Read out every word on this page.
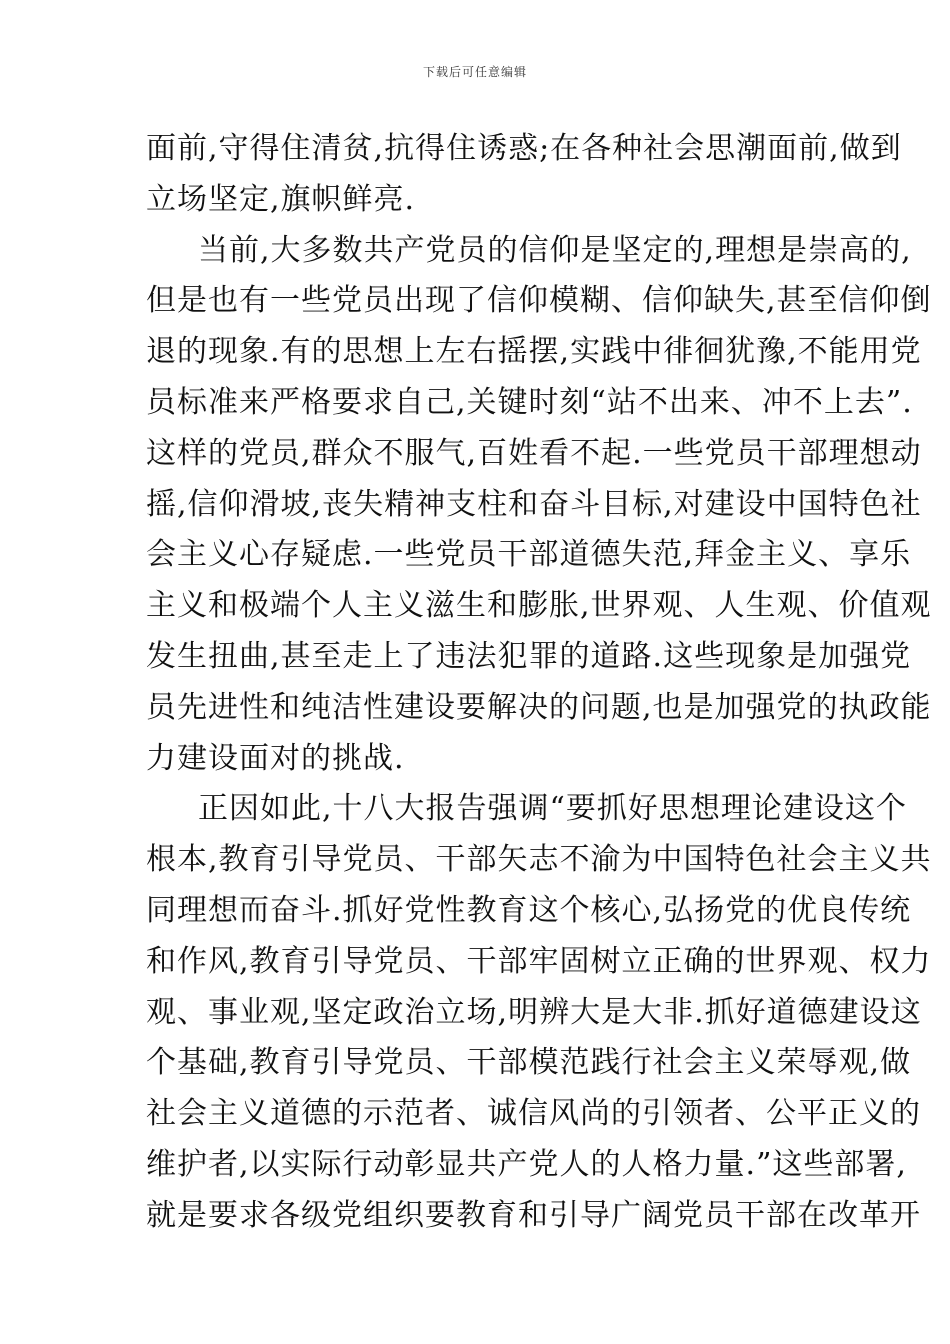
下载后可任意编辑
面前,守得住清贫,抗得住诱惑;在各种社会思潮面前,做到
立场坚定,旗帜鲜亮.
当前,大多数共产党员的信仰是坚定的,理想是崇高的,
但是也有一些党员出现了信仰模糊、信仰缺失,甚至信仰倒
退的现象.有的思想上左右摇摆,实践中徘徊犹豫,不能用党
员标准来严格要求自己,关键时刻“站不出来、冲不上去”.
这样的党员,群众不服气,百姓看不起.一些党员干部理想动
摇,信仰滑坡,丧失精神支柱和奋斗目标,对建设中国特色社
会主义心存疑虑.一些党员干部道德失范,拜金主义、享乐
主义和极端个人主义滋生和膨胀,世界观、人生观、价值观
发生扭曲,甚至走上了违法犯罪的道路.这些现象是加强党
员先进性和纯洁性建设要解决的问题,也是加强党的执政能
力建设面对的挑战.
正因如此,十八大报告强调“要抓好思想理论建设这个
根本,教育引导党员、干部矢志不渝为中国特色社会主义共
同理想而奋斗.抓好党性教育这个核心,弘扬党的优良传统
和作风,教育引导党员、干部牢固树立正确的世界观、权力
观、事业观,坚定政治立场,明辨大是大非.抓好道德建设这
个基础,教育引导党员、干部模范践行社会主义荣辱观,做
社会主义道德的示范者、诚信风尚的引领者、公平正义的
维护者,以实际行动彰显共产党人的人格力量.”这些部署,
就是要求各级党组织要教育和引导广阔党员干部在改革开
